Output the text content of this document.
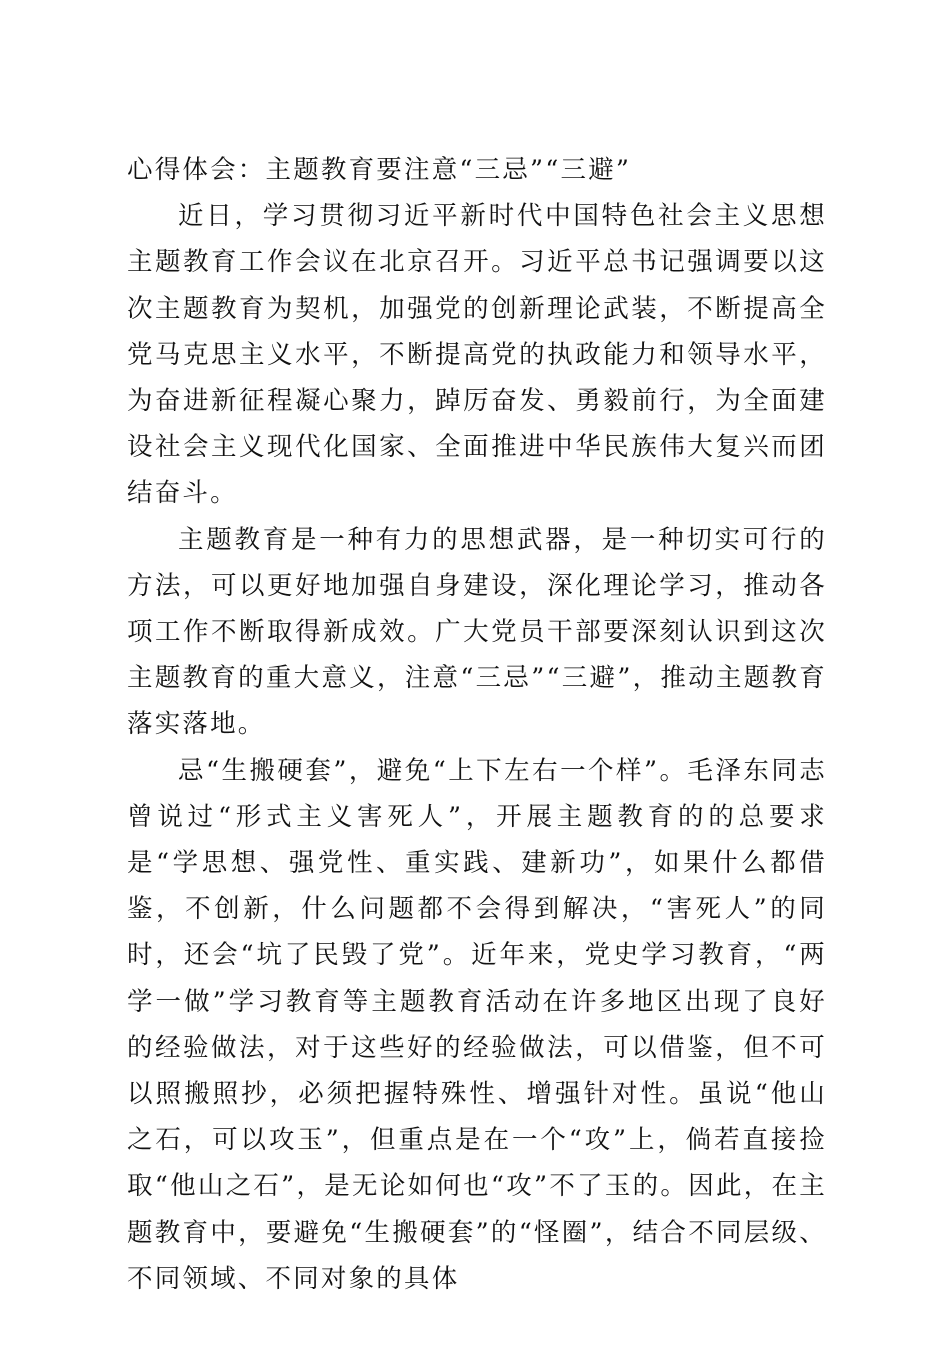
心得体会：主题教育要注意“三忌”“三避”

近日，学习贯彻习近平新时代中国特色社会主义思想主题教育工作会议在北京召开。习近平总书记强调要以这次主题教育为契机，加强党的创新理论武装，不断提高全党马克思主义水平，不断提高党的执政能力和领导水平，为奋进新征程凝心聚力，踔厉奋发、勇毅前行，为全面建设社会主义现代化国家、全面推进中华民族伟大复兴而团结奋斗。

主题教育是一种有力的思想武器，是一种切实可行的方法，可以更好地加强自身建设，深化理论学习，推动各项工作不断取得新成效。广大党员干部要深刻认识到这次主题教育的重大意义，注意“三忌”“三避”，推动主题教育落实落地。

忌“生搬硬套”，避免“上下左右一个样”。毛泽东同志曾说过“形式主义害死人”，开展主题教育的的总要求是“学思想、强党性、重实践、建新功”，如果什么都借鉴，不创新，什么问题都不会得到解决，“害死人”的同时，还会“坑了民毁了党”。近年来，党史学习教育，“两学一做”学习教育等主题教育活动在许多地区出现了良好的经验做法，对于这些好的经验做法，可以借鉴，但不可以照搬照抄，必须把握特殊性、增强针对性。虽说“他山之石，可以攻玉”，但重点是在一个“攻”上，倘若直接捡取“他山之石”，是无论如何也“攻”不了玉的。因此，在主题教育中，要避免“生搬硬套”的“怪圈”，结合不同层级、不同领域、不同对象的具体
